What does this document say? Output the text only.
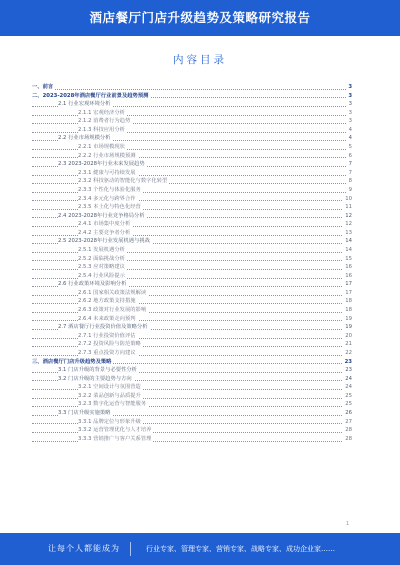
酒店餐厅门店升级趋势及策略研究报告
内容目录
一、前言	3
二、2023-2028年酒店餐厅行业前景及趋势预测	3
2.1 行业宏观环境分析	3
2.1.1 宏观经济分析	3
2.1.2 消费者行为趋势	3
2.1.3 科技应用分析	4
2.2 行业市场规模分析	4
2.2.1 市场规模现状	5
2.2.2 行业市场规模预测	6
2.3 2023-2028年行业未来发展趋势	7
2.3.1 健康与可持续发展	7
2.3.2 科技驱动的智能化与数字化转型	8
2.3.3 个性化与体验化服务	9
2.3.4 多元化与跨界合作	10
2.3.5 本土化与特色化经营	11
2.4 2023-2028年行业竞争格局分析	12
2.4.1 市场集中度分析	12
2.4.2 主要竞争者分析	13
2.5 2023-2028年行业发展机遇与挑战	14
2.5.1 发展机遇分析	14
2.5.2 面临挑战分析	15
2.5.3 应对策略建议	16
2.5.4 行业风险提示	16
2.6 行业政策环境及影响分析	17
2.6.1 国家相关政策法规解读	17
2.6.2 地方政策支持措施	18
2.6.3 政策对行业发展的影响	18
2.6.4 未来政策走向预判	19
2.7 酒店餐厅行业投资价值及策略分析	19
2.7.1 行业投资价值评估	20
2.7.2 投资风险与防范策略	21
2.7.3 重点投资方向建议	22
三、酒店餐厅门店升级趋势及策略	23
3.1 门店升级的背景与必要性分析	23
3.2 门店升级的主要趋势与方向	24
3.2.1 空间设计与氛围营造	24
3.2.2 菜品创新与品质提升	25
3.2.3 数字化运营与智能服务	25
3.3 门店升级实施策略	26
3.3.1 品牌定位与形象升级	27
3.3.2 运营管理优化与人才培养	28
3.3.3 营销推广与客户关系管理	28
1
让每个人都能成为	行业专家、管理专家、营销专家、战略专家、成功企业家……
